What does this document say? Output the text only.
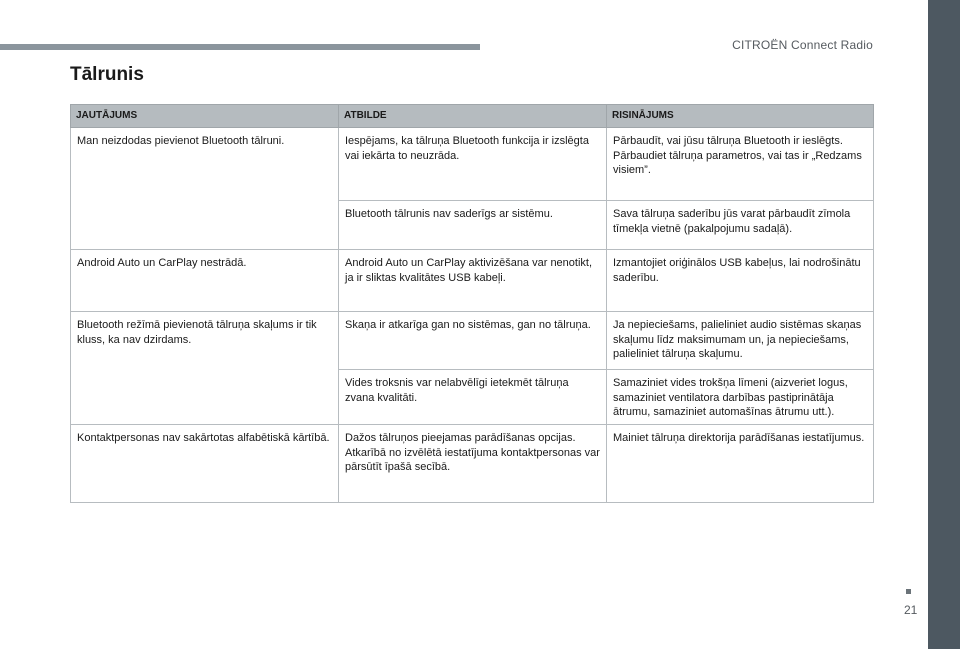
CITROËN Connect Radio
Tālrunis
JAUTĀJUMS	ATBILDE	RISINĀJUMS
Man neizdodas pievienot Bluetooth tālruni.	Iespējams, ka tālruņa Bluetooth funkcija ir izslēgta vai iekārta to neuzrāda.	Pārbaudīt, vai jūsu tālruņa Bluetooth ir ieslēgts. Pārbaudiet tālruņa parametros, vai tas ir „Redzams visiem”.
	Bluetooth tālrunis nav saderīgs ar sistēmu.	Sava tālruņa saderību jūs varat pārbaudīt zīmola tīmekļa vietnē (pakalpojumu sadaļā).
Android Auto un CarPlay nestrādā.	Android Auto un CarPlay aktivizēšana var nenotikt, ja ir sliktas kvalitātes USB kabeļi.	Izmantojiet oriģinālos USB kabeļus, lai nodrošinātu saderību.
Bluetooth režīmā pievienotā tālruņa skaļums ir tik kluss, ka nav dzirdams.	Skaņa ir atkarīga gan no sistēmas, gan no tālruņa.	Ja nepieciešams, palieliniet audio sistēmas skaņas skaļumu līdz maksimumam un, ja nepieciešams, palieliniet tālruņa skaļumu.
	Vides troksnis var nelabvēlīgi ietekmēt tālruņa zvana kvalitāti.	Samaziniet vides trokšņa līmeni (aizveriet logus, samaziniet ventilatora darbības pastiprinātāja ātrumu, samaziniet automašīnas ātrumu utt.).
Kontaktpersonas nav sakārtotas alfabētiskā kārtībā.	Dažos tālruņos pieejamas parādīšanas opcijas. Atkarībā no izvēlētā iestatījuma kontaktpersonas var pārsūtīt īpašā secībā.	Mainiet tālruņa direktorija parādīšanas iestatījumus.
21
